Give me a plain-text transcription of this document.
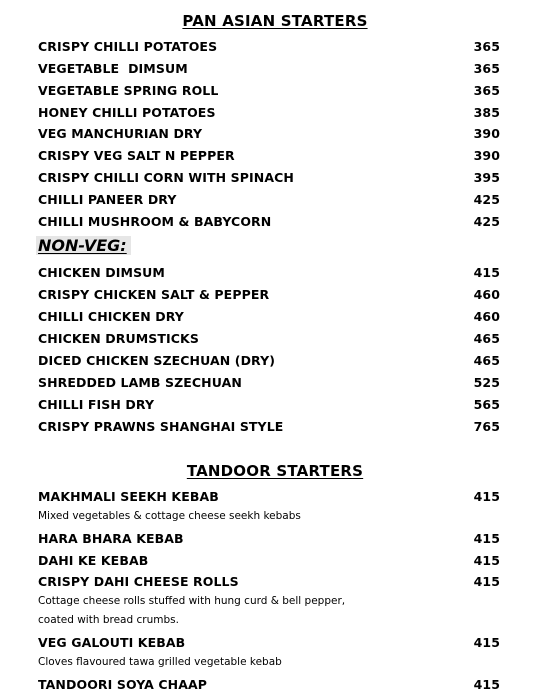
PAN ASIAN STARTERS
CRISPY CHILLI POTATOES	365
VEGETABLE  DIMSUM	365
VEGETABLE SPRING ROLL	365
HONEY CHILLI POTATOES	385
VEG MANCHURIAN DRY	390
CRISPY VEG SALT N PEPPER	390
CRISPY CHILLI CORN WITH SPINACH	395
CHILLI PANEER DRY	425
CHILLI MUSHROOM & BABYCORN	425
NON-VEG:
CHICKEN DIMSUM	415
CRISPY CHICKEN SALT & PEPPER	460
CHILLI CHICKEN DRY	460
CHICKEN DRUMSTICKS	465
DICED CHICKEN SZECHUAN (DRY)	465
SHREDDED LAMB SZECHUAN	525
CHILLI FISH DRY	565
CRISPY PRAWNS SHANGHAI STYLE	765
TANDOOR STARTERS
MAKHMALI SEEKH KEBAB	415
Mixed vegetables & cottage cheese seekh kebabs
HARA BHARA KEBAB	415
DAHI KE KEBAB	415
CRISPY DAHI CHEESE ROLLS	415
Cottage cheese rolls stuffed with hung curd & bell pepper,
coated with bread crumbs.
VEG GALOUTI KEBAB	415
Cloves flavoured tawa grilled vegetable kebab
TANDOORI SOYA CHAAP	415
